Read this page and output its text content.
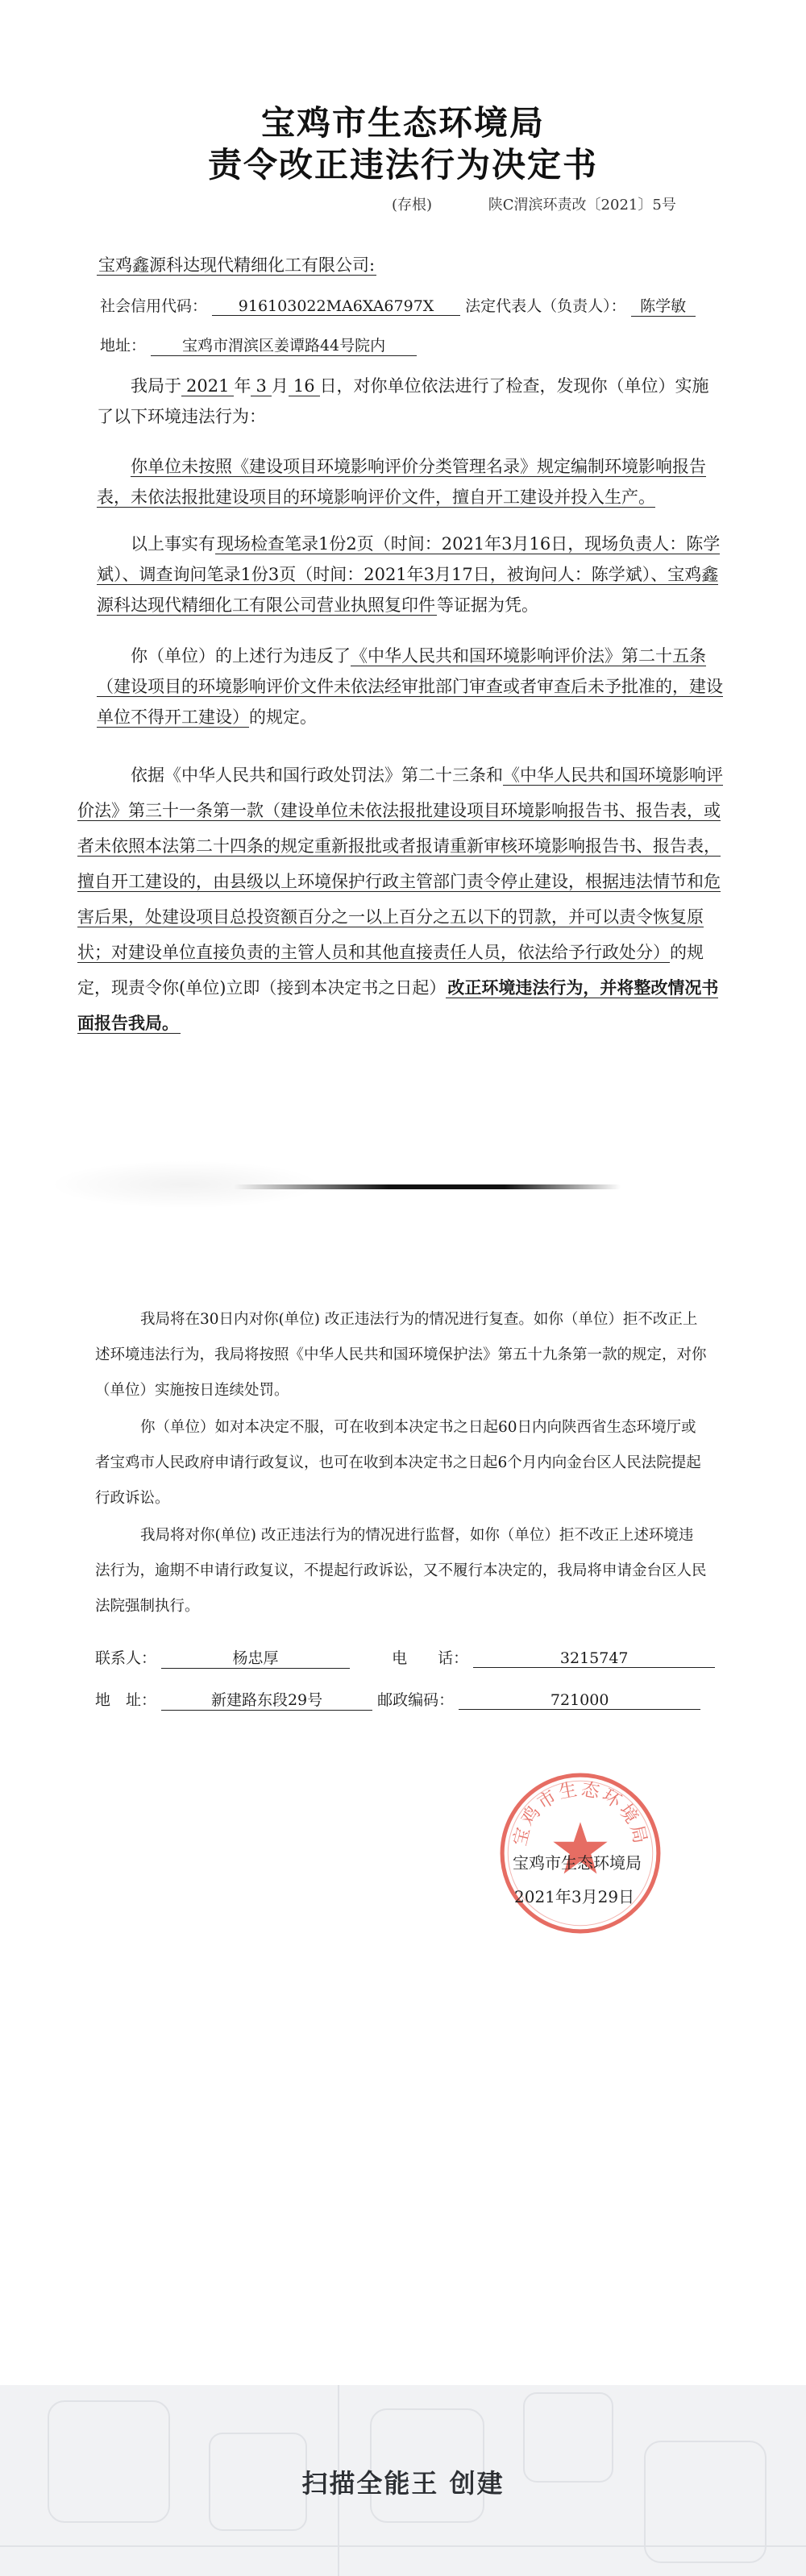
宝鸡市生态环境局
责令改正违法行为决定书
(存根)	陕C渭滨环责改〔2021〕5号
宝鸡鑫源科达现代精细化工有限公司:
社会信用代码： 916103022MA6XA6797X 法定代表人（负责人）： 陈学敏
地址： 宝鸡市渭滨区姜谭路44号院内
我局于 2021 年 3 月 16 日，对你单位依法进行了检查，发现你（单位）实施了以下环境违法行为：
你单位未按照《建设项目环境影响评价分类管理名录》规定编制环境影响报告表，未依法报批建设项目的环境影响评价文件，擅自开工建设并投入生产。
以上事实有现场检查笔录1份2页（时间：2021年3月16日，现场负责人：陈学斌）、调查询问笔录1份3页（时间：2021年3月17日，被询问人：陈学斌）、宝鸡鑫源科达现代精细化工有限公司营业执照复印件等证据为凭。
你（单位）的上述行为违反了《中华人民共和国环境影响评价法》第二十五条（建设项目的环境影响评价文件未依法经审批部门审查或者审查后未予批准的，建设单位不得开工建设）的规定。
依据《中华人民共和国行政处罚法》第二十三条和《中华人民共和国环境影响评价法》第三十一条第一款（建设单位未依法报批建设项目环境影响报告书、报告表，或者未依照本法第二十四条的规定重新报批或者报请重新审核环境影响报告书、报告表，擅自开工建设的，由县级以上环境保护行政主管部门责令停止建设，根据违法情节和危害后果，处建设项目总投资额百分之一以上百分之五以下的罚款，并可以责令恢复原状；对建设单位直接负责的主管人员和其他直接责任人员，依法给予行政处分）的规定，现责令你(单位)立即（接到本决定书之日起）改正环境违法行为，并将整改情况书面报告我局。
我局将在30日内对你(单位) 改正违法行为的情况进行复查。如你（单位）拒不改正上述环境违法行为，我局将按照《中华人民共和国环境保护法》第五十九条第一款的规定，对你（单位）实施按日连续处罚。
你（单位）如对本决定不服，可在收到本决定书之日起60日内向陕西省生态环境厅或者宝鸡市人民政府申请行政复议，也可在收到本决定书之日起6个月内向金台区人民法院提起行政诉讼。
我局将对你(单位) 改正违法行为的情况进行监督，如你（单位）拒不改正上述环境违法行为，逾期不申请行政复议，不提起行政诉讼，又不履行本决定的，我局将申请金台区人民法院强制执行。
联系人：	杨忠厚	电　　话：	3215747
地　址：	新建路东段29号	邮政编码：	721000
宝鸡市生态环境局
宝鸡市生态环境局
2021年3月29日
扫描全能王 创建
